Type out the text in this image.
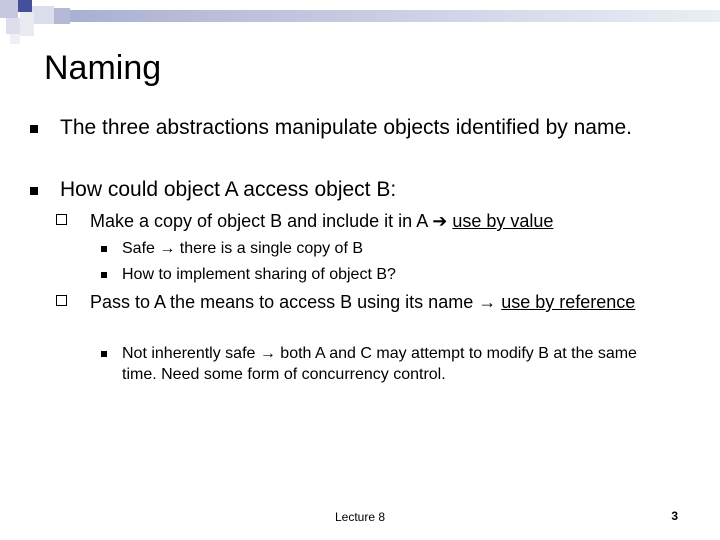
Naming
The three abstractions manipulate objects identified by name.
How could object A access object B:
Make a copy of object B and include it in A ➔ use by value
Safe → there is a single copy of B
How to implement sharing of object B?
Pass to A the means to access B using its name → use by reference
Not inherently safe → both A and C may attempt to modify B at the same time. Need some form of concurrency control.
Lecture 8	3
